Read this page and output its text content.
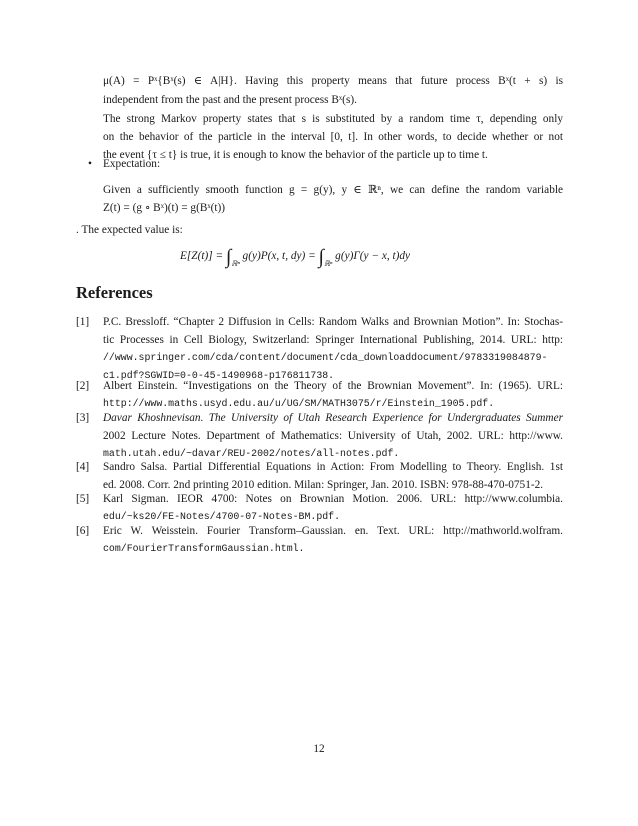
μ(A) = Pˣ{Bˣ(s) ∈ A|H}. Having this property means that future process Bˣ(t + s) is
independent from the past and the present process Bˣ(s).
The strong Markov property states that s is substituted by a random time τ, depending only
on the behavior of the particle in the interval [0, t]. In other words, to decide whether or not
the event {τ ≤ t} is true, it is enough to know the behavior of the particle up to time t.
• Expectation:
Given a sufficiently smooth function g = g(y), y ∈ ℝⁿ, we can define the random variable
Z(t) = (g ∘ Bˣ)(t) = g(Bˣ(t))
. The expected value is:
$E[Z(t)] = \int_{ℝ^n}$ g(y)P(x, t, $dy) = \int_{ℝ^n}$ g(y)Γ(y − x, t)dy
References
[1] P.C. Bressloff. “Chapter 2 Diffusion in Cells: Random Walks and Brownian Motion”. In: Stochas-
tic Processes in Cell Biology, Switzerland: Springer International Publishing, 2014. URL: http:
//www.springer.com/cda/content/document/cda_downloaddocument/9783319084879-
c1.pdf?SGWID=0-0-45-1490968-p176811738.
[2] Albert Einstein. “Investigations on the Theory of the Brownian Movement”. In: (1965). URL:
http://www.maths.usyd.edu.au/u/UG/SM/MATH3075/r/Einstein_1905.pdf.
[3] Davar Khoshnevisan. The University of Utah Research Experience for Undergraduates Summer
2002 Lecture Notes. Department of Mathematics: University of Utah, 2002. URL: http://www.
math.utah.edu/~davar/REU-2002/notes/all-notes.pdf.
[4] Sandro Salsa. Partial Differential Equations in Action: From Modelling to Theory. English. 1st
ed. 2008. Corr. 2nd printing 2010 edition. Milan: Springer, Jan. 2010. ISBN: 978-88-470-0751-2.
[5] Karl Sigman. IEOR 4700: Notes on Brownian Motion. 2006. URL: http://www.columbia.
edu/~ks20/FE-Notes/4700-07-Notes-BM.pdf.
[6] Eric W. Weisstein. Fourier Transform–Gaussian. en. Text. URL: http://mathworld.wolfram.
com/FourierTransformGaussian.html.
12
